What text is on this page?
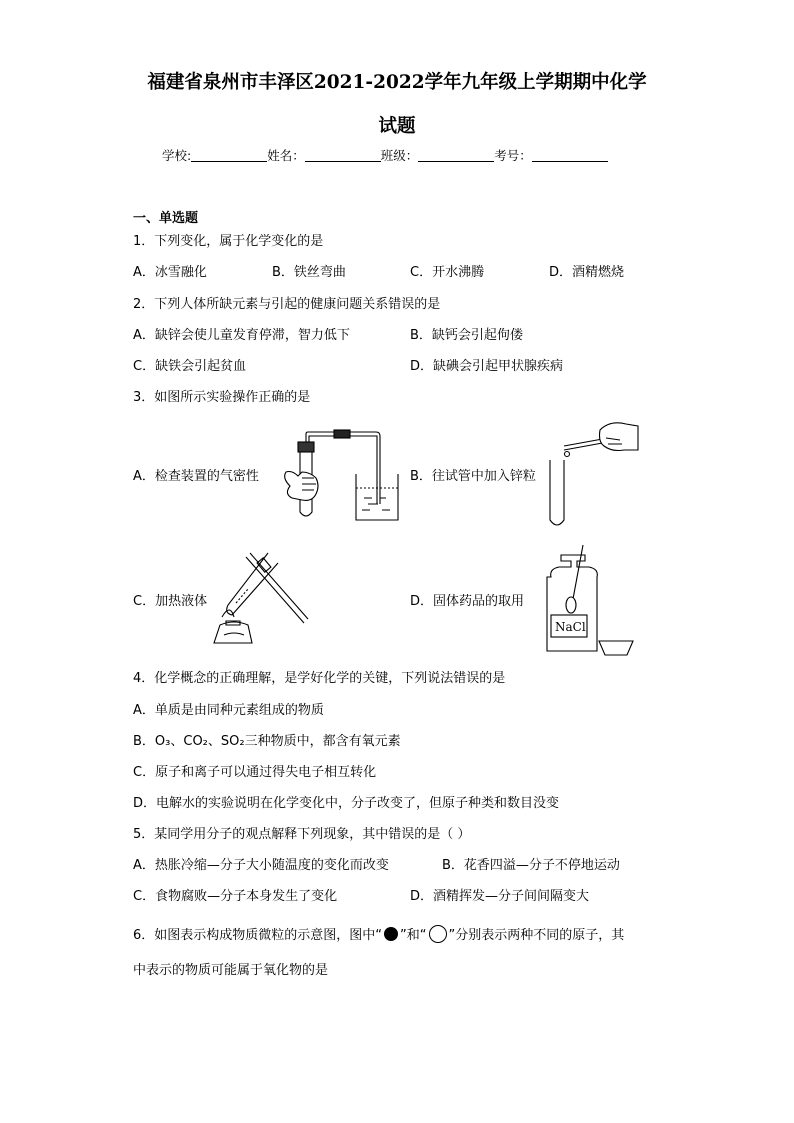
福建省泉州市丰泽区2021-2022学年九年级上学期期中化学
试题
学校:	姓名：	班级：	考号：
一、单选题
1．下列变化，属于化学变化的是
A．冰雪融化	B．铁丝弯曲	C．开水沸腾	D．酒精燃烧
2．下列人体所缺元素与引起的健康问题关系错误的是
A．缺锌会使儿童发育停滞，智力低下	B．缺钙会引起佝偻
C．缺铁会引起贫血	D．缺碘会引起甲状腺疾病
3．如图所示实验操作正确的是
A．检查装置的气密性	B．往试管中加入锌粒
C．加热液体	D．固体药品的取用
NaCl
4．化学概念的正确理解，是学好化学的关键，下列说法错误的是
A．单质是由同种元素组成的物质
B．O₃、CO₂、SO₂三种物质中，都含有氧元素
C．原子和离子可以通过得失电子相互转化
D．电解水的实验说明在化学变化中，分子改变了，但原子种类和数目没变
5．某同学用分子的观点解释下列现象，其中错误的是（ ）
A．热胀冷缩—分子大小随温度的变化而改变	B．花香四溢—分子不停地运动
C．食物腐败—分子本身发生了变化	D．酒精挥发—分子间间隔变大
6．如图表示构成物质微粒的示意图，图中“ ”和“ ”分别表示两种不同的原子，其
中表示的物质可能属于氧化物的是
